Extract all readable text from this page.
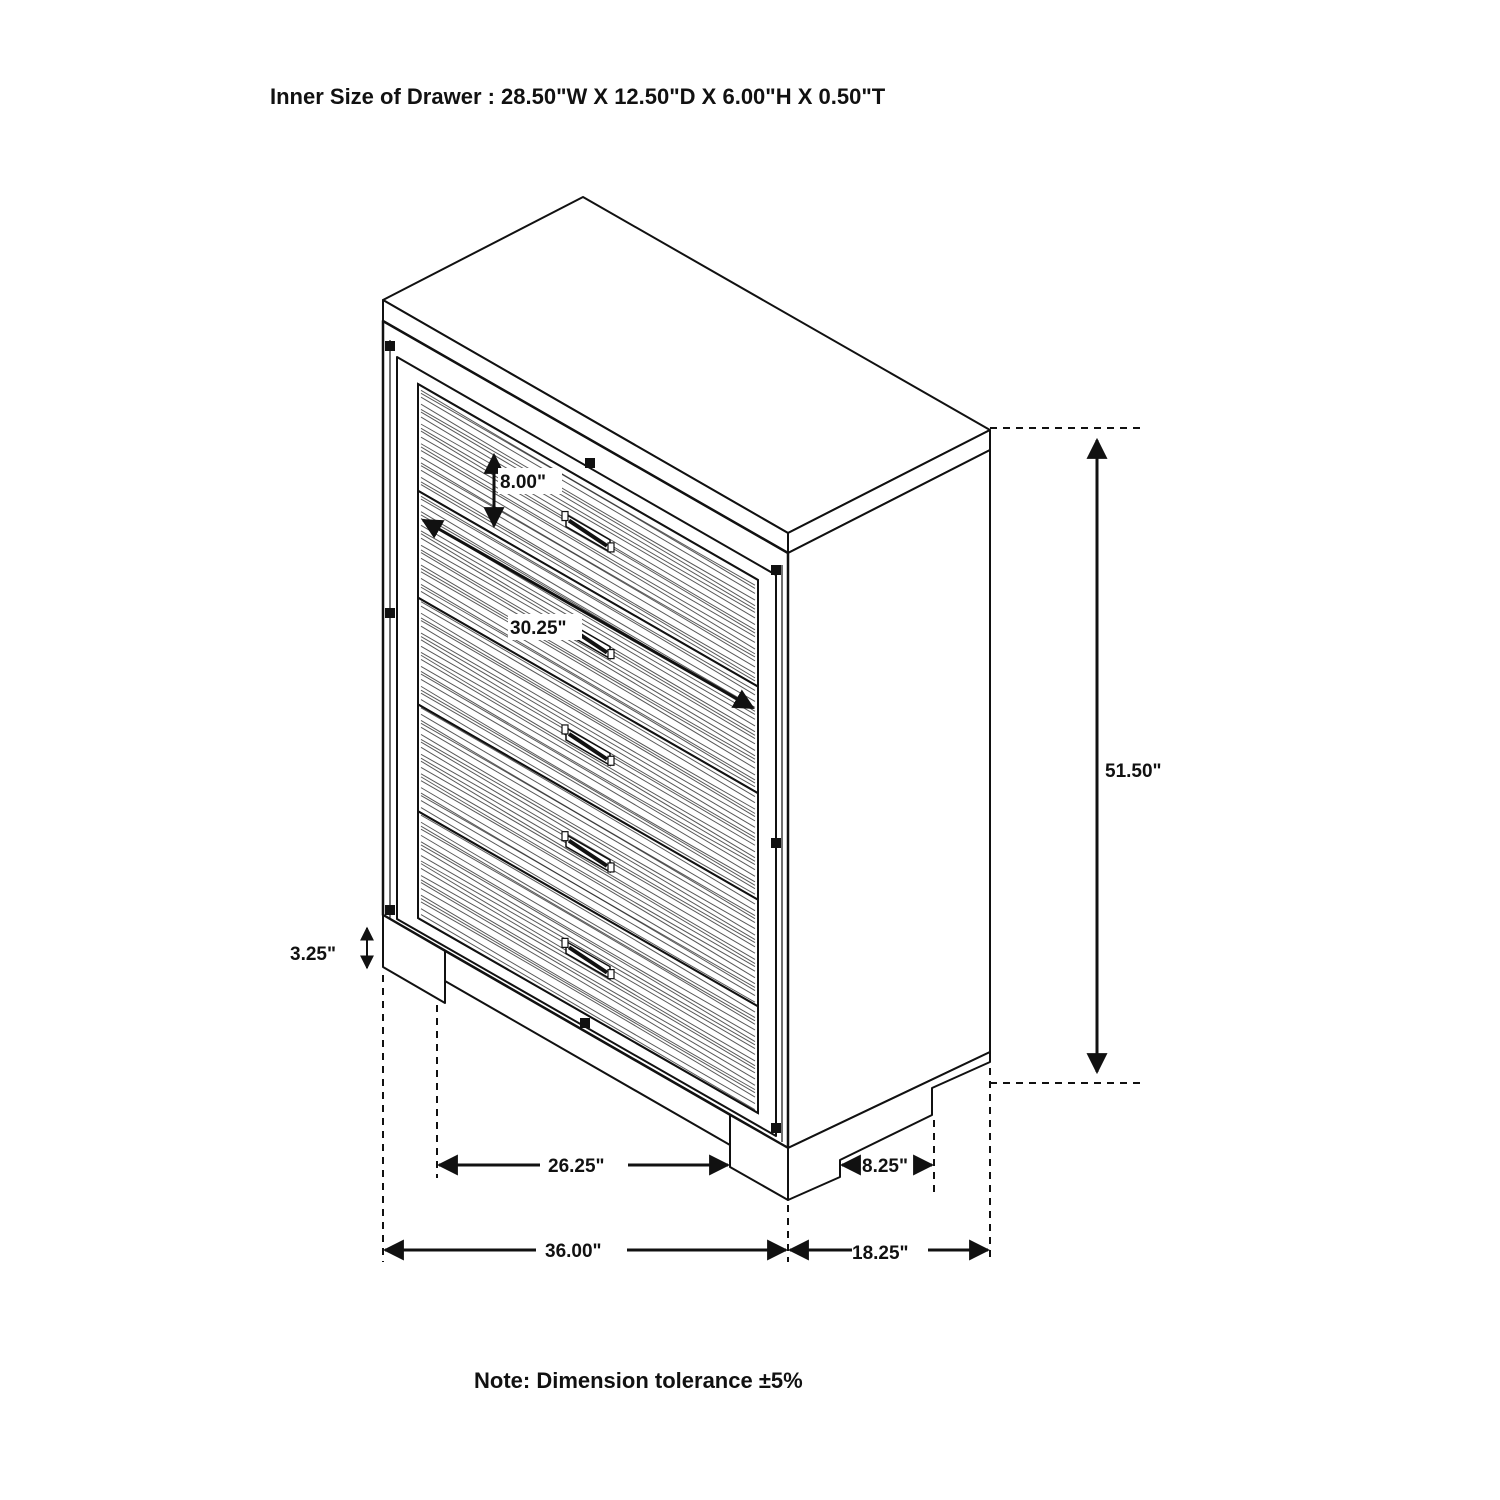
Inner Size of Drawer : 28.50"W X 12.50"D X 6.00"H X 0.50"T
8.00"
30.25"
51.50"
3.25"
26.25"	8.25"
36.00"	18.25"
Note: Dimension tolerance ±5%
